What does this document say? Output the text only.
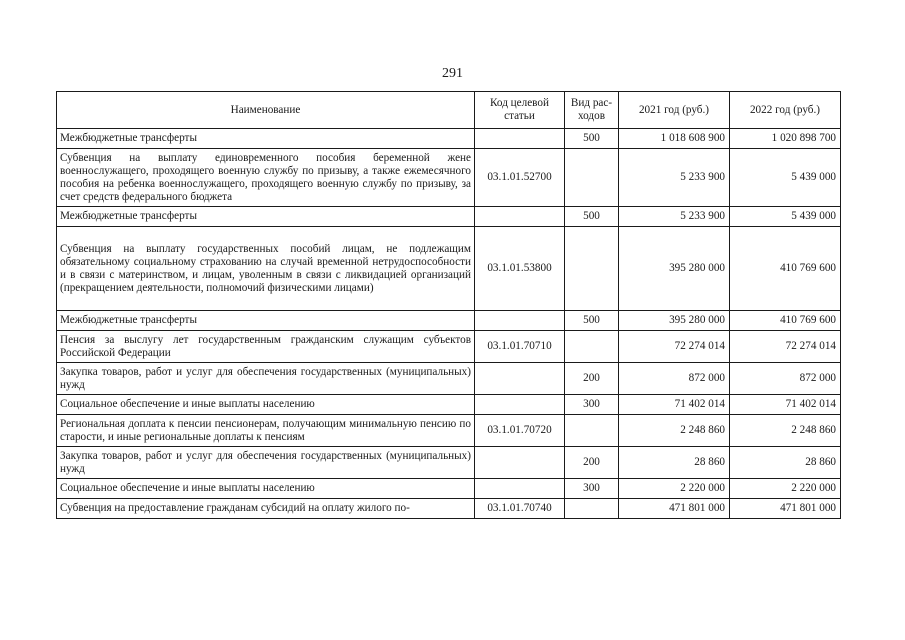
291
Наименование	Код целевой статьи	Вид рас-ходов	2021 год (руб.)	2022 год (руб.)
Межбюджетные трансферты		500	1 018 608 900	1 020 898 700
Субвенция на выплату единовременного пособия беременной жене военнослужащего, проходящего военную службу по призыву, а также ежемесячного пособия на ребенка военнослужащего, проходящего военную службу по призыву, за счет средств федерального бюджета	03.1.01.52700		5 233 900	5 439 000
Межбюджетные трансферты		500	5 233 900	5 439 000
Субвенция на выплату государственных пособий лицам, не подлежащим обязательному социальному страхованию на случай временной нетрудоспособности и в связи с материнством, и лицам, уволенным в связи с ликвидацией организаций (прекращением деятельности, полномочий физическими лицами)	03.1.01.53800		395 280 000	410 769 600
Межбюджетные трансферты		500	395 280 000	410 769 600
Пенсия за выслугу лет государственным гражданским служащим субъектов Российской Федерации	03.1.01.70710		72 274 014	72 274 014
Закупка товаров, работ и услуг для обеспечения государственных (муниципальных) нужд		200	872 000	872 000
Социальное обеспечение и иные выплаты населению		300	71 402 014	71 402 014
Региональная доплата к пенсии пенсионерам, получающим минимальную пенсию по старости, и иные региональные доплаты к пенсиям	03.1.01.70720		2 248 860	2 248 860
Закупка товаров, работ и услуг для обеспечения государственных (муниципальных) нужд		200	28 860	28 860
Социальное обеспечение и иные выплаты населению		300	2 220 000	2 220 000
Субвенция на предоставление гражданам субсидий на оплату жилого по-	03.1.01.70740		471 801 000	471 801 000
